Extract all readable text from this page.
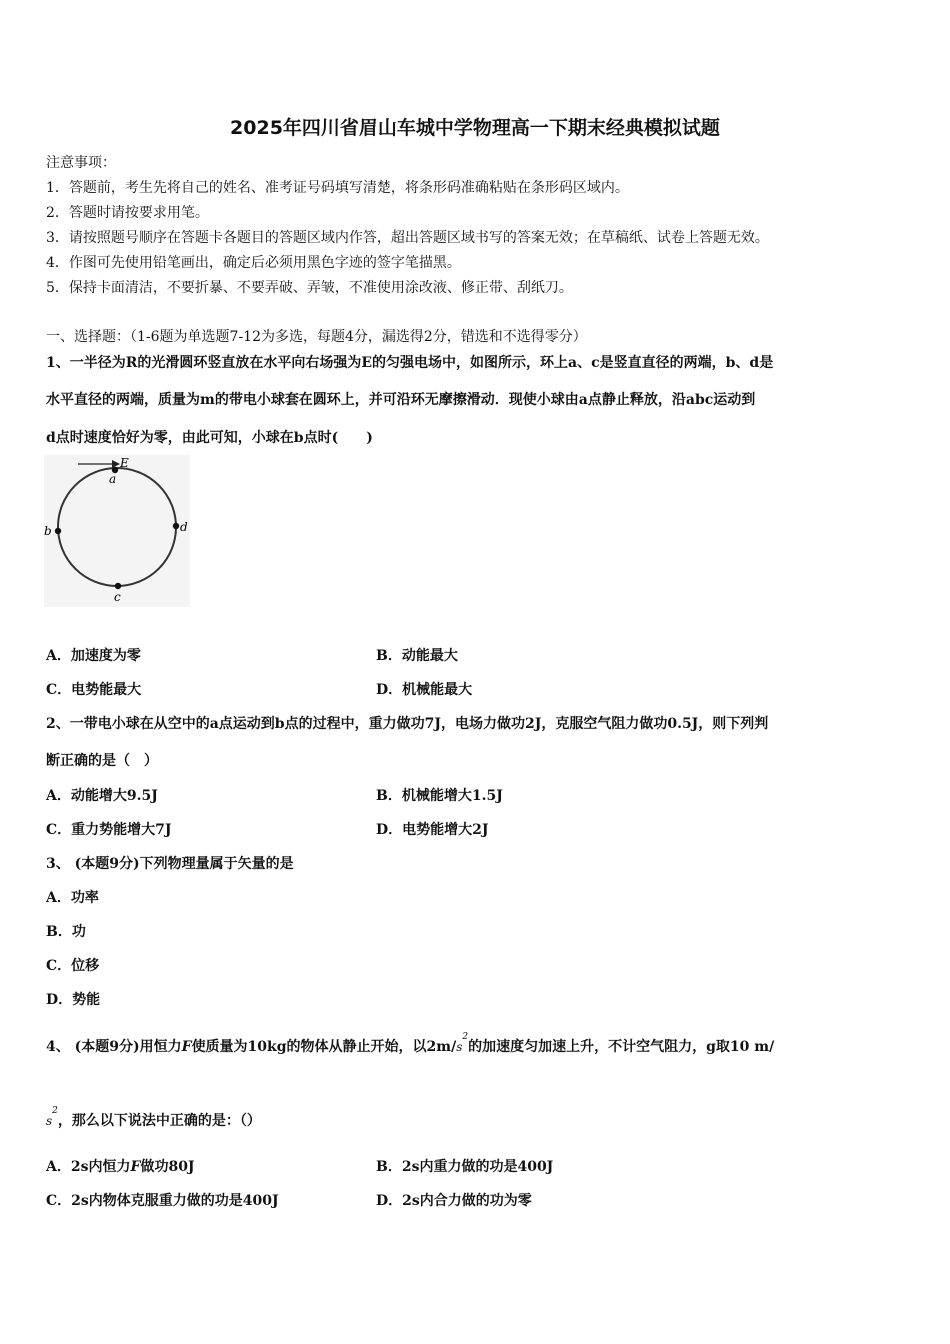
2025年四川省眉山车城中学物理高一下期末经典模拟试题
注意事项：
1．答题前，考生先将自己的姓名、准考证号码填写清楚，将条形码准确粘贴在条形码区域内。
2．答题时请按要求用笔。
3．请按照题号顺序在答题卡各题目的答题区域内作答，超出答题区域书写的答案无效；在草稿纸、试卷上答题无效。
4．作图可先使用铅笔画出，确定后必须用黑色字迹的签字笔描黑。
5．保持卡面清洁，不要折暴、不要弄破、弄皱，不准使用涂改液、修正带、刮纸刀。
一、选择题：（1-6题为单选题7-12为多选，每题4分，漏选得2分，错选和不选得零分）
1、一半径为R的光滑圆环竖直放在水平向右场强为E的匀强电场中，如图所示，环上a、c是竖直直径的两端，b、d是
水平直径的两端，质量为m的带电小球套在圆环上，并可沿环无摩擦滑动．现使小球由a点静止释放，沿abc运动到
d点时速度恰好为零，由此可知，小球在b点时(　　)
E
a
b	d
c
A．加速度为零	B．动能最大
C．电势能最大	D．机械能最大
2、一带电小球在从空中的a点运动到b点的过程中，重力做功7J，电场力做功2J，克服空气阻力做功0.5J，则下列判
断正确的是（　）
A．动能增大9.5J	B．机械能增大1.5J
C．重力势能增大7J	D．电势能增大2J
3、 (本题9分)下列物理量属于矢量的是
A．功率
B．功
C．位移
D．势能
4、 (本题9分)用恒力F使质量为10kg的物体从静止开始，以$2m/s^2$的加速度匀加速上升，不计空气阻力，g取10 m/
$s^2$，那么以下说法中正确的是：（）
A．2s内恒力F做功80J	B．2s内重力做的功是400J
C．2s内物体克服重力做的功是400J	D．2s内合力做的功为零
